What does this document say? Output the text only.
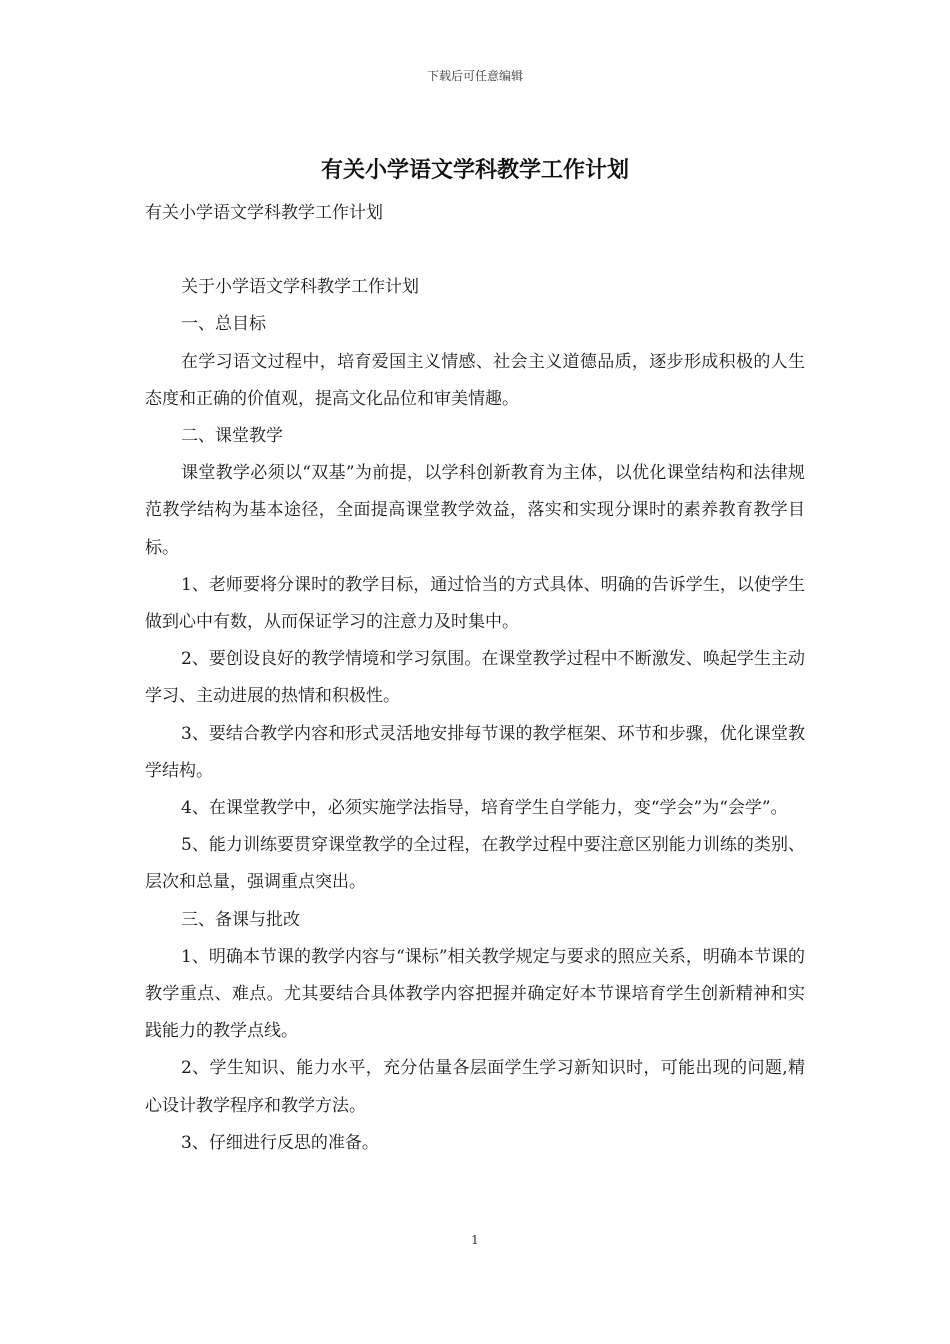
下载后可任意编辑
有关小学语文学科教学工作计划

有关小学语文学科教学工作计划

关于小学语文学科教学工作计划

一、总目标

在学习语文过程中，培育爱国主义情感、社会主义道德品质，逐步形成积极的人生态度和正确的价值观，提高文化品位和审美情趣。

二、课堂教学

课堂教学必须以“双基”为前提，以学科创新教育为主体，以优化课堂结构和法律规范教学结构为基本途径，全面提高课堂教学效益，落实和实现分课时的素养教育教学目标。

1、老师要将分课时的教学目标，通过恰当的方式具体、明确的告诉学生，以使学生做到心中有数，从而保证学习的注意力及时集中。

2、要创设良好的教学情境和学习氛围。在课堂教学过程中不断激发、唤起学生主动学习、主动进展的热情和积极性。

3、要结合教学内容和形式灵活地安排每节课的教学框架、环节和步骤，优化课堂教学结构。

4、在课堂教学中，必须实施学法指导，培育学生自学能力，变“学会”为“会学”。

5、能力训练要贯穿课堂教学的全过程，在教学过程中要注意区别能力训练的类别、层次和总量，强调重点突出。

三、备课与批改

1、明确本节课的教学内容与“课标”相关教学规定与要求的照应关系，明确本节课的教学重点、难点。尤其要结合具体教学内容把握并确定好本节课培育学生创新精神和实践能力的教学点线。

2、学生知识、能力水平，充分估量各层面学生学习新知识时，可能出现的问题,精心设计教学程序和教学方法。

3、仔细进行反思的准备。

1
